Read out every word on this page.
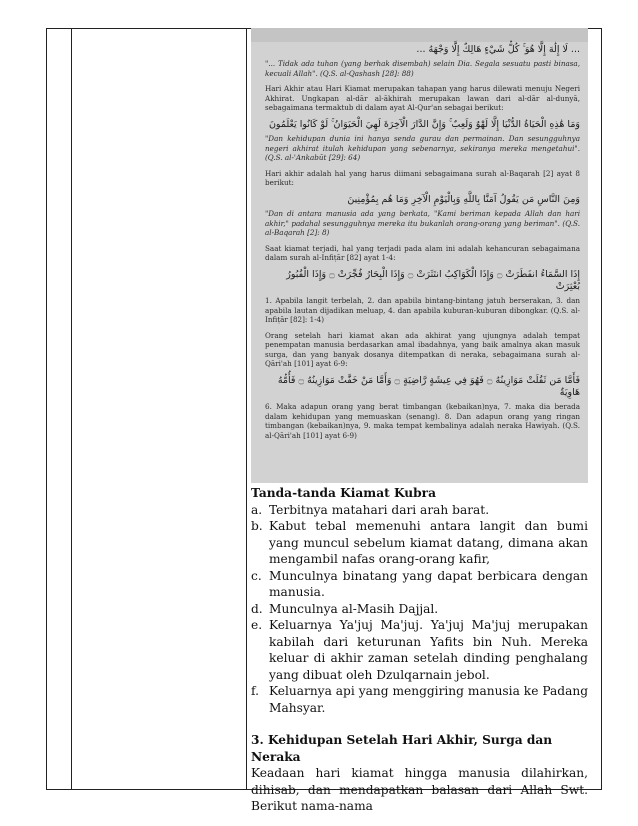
... لَا إِلَٰهَ إِلَّا هُوَ ۚ كُلُّ شَيْءٍ هَالِكٌ إِلَّا وَجْهَهُ ...

"... Tidak ada tuhan (yang berhak disembah) selain Dia. Segala sesuatu pasti binasa, kecuali Allah". (Q.S. al-Qashash [28]: 88)

Hari Akhir atau Hari Kiamat merupakan tahapan yang harus dilewati menuju Negeri Akhirat. Ungkapan al-dār al-ākhirah merupakan lawan dari al-dār al-dunyā, sebagaimana termaktub di dalam ayat Al-Qur'an sebagai berikut:

وَمَا هَٰذِهِ الْحَيَاةُ الدُّنْيَا إِلَّا لَهْوٌ وَلَعِبٌ ۚ وَإِنَّ الدَّارَ الْآخِرَةَ لَهِيَ الْحَيَوَانُ ۚ لَوْ كَانُوا يَعْلَمُونَ

"Dan kehidupan dunia ini hanya senda gurau dan permainan. Dan sesungguhnya negeri akhirat itulah kehidupan yang sebenarnya, sekiranya mereka mengetahui". (Q.S. al-'Ankabūt [29]: 64)

Hari akhir adalah hal yang harus diimani sebagaimana surah al-Baqarah [2] ayat 8 berikut:

وَمِنَ النَّاسِ مَن يَقُولُ آمَنَّا بِاللَّهِ وَبِالْيَوْمِ الْآخِرِ وَمَا هُم بِمُؤْمِنِينَ

"Dan di antara manusia ada yang berkata, "Kami beriman kepada Allah dan hari akhir," padahal sesungguhnya mereka itu bukanlah orang-orang yang beriman". (Q.S. al-Baqarah [2]: 8)

Saat kiamat terjadi, hal yang terjadi pada alam ini adalah kehancuran sebagaimana dalam surah al-Infiṭār [82] ayat 1-4:

إِذَا السَّمَاءُ انفَطَرَتْ ۝ وَإِذَا الْكَوَاكِبُ انتَثَرَتْ ۝ وَإِذَا الْبِحَارُ فُجِّرَتْ ۝ وَإِذَا الْقُبُورُ بُعْثِرَتْ

1. Apabila langit terbelah, 2. dan apabila bintang-bintang jatuh berserakan, 3. dan apabila lautan dijadikan meluap, 4. dan apabila kuburan-kuburan dibongkar. (Q.S. al-Infiṭār [82]: 1-4)

Orang setelah hari kiamat akan ada akhirat yang ujungnya adalah tempat penempatan manusia berdasarkan amal ibadahnya, yang baik amalnya akan masuk surga, dan yang banyak dosanya ditempatkan di neraka, sebagaimana surah al-Qāri'ah [101] ayat 6-9:

فَأَمَّا مَن ثَقُلَتْ مَوَازِينُهُ ۝ فَهُوَ فِي عِيشَةٍ رَّاضِيَةٍ ۝ وَأَمَّا مَنْ خَفَّتْ مَوَازِينُهُ ۝ فَأُمُّهُ هَاوِيَةٌ

6. Maka adapun orang yang berat timbangan (kebaikan)nya, 7. maka dia berada dalam kehidupan yang memuaskan (senang). 8. Dan adapun orang yang ringan timbangan (kebaikan)nya, 9. maka tempat kembalinya adalah neraka Hawiyah. (Q.S. al-Qāri'ah [101] ayat 6-9)

Tanda-tanda Kiamat Kubra
a. Terbitnya matahari dari arah barat.
b. Kabut tebal memenuhi antara langit dan bumi yang muncul sebelum kiamat datang, dimana akan mengambil nafas orang-orang kafir,
c. Munculnya binatang yang dapat berbicara dengan manusia.
d. Munculnya al-Masih Dajjal.
e. Keluarnya Ya'juj Ma'juj. Ya'juj Ma'juj merupakan kabilah dari keturunan Yafits bin Nuh. Mereka keluar di akhir zaman setelah dinding penghalang yang dibuat oleh Dzulqarnain jebol.
f. Keluarnya api yang menggiring manusia ke Padang Mahsyar.
3. Kehidupan Setelah Hari Akhir, Surga dan Neraka

Keadaan hari kiamat hingga manusia dilahirkan, dihisab, dan mendapatkan balasan dari Allah Swt. Berikut nama-nama
